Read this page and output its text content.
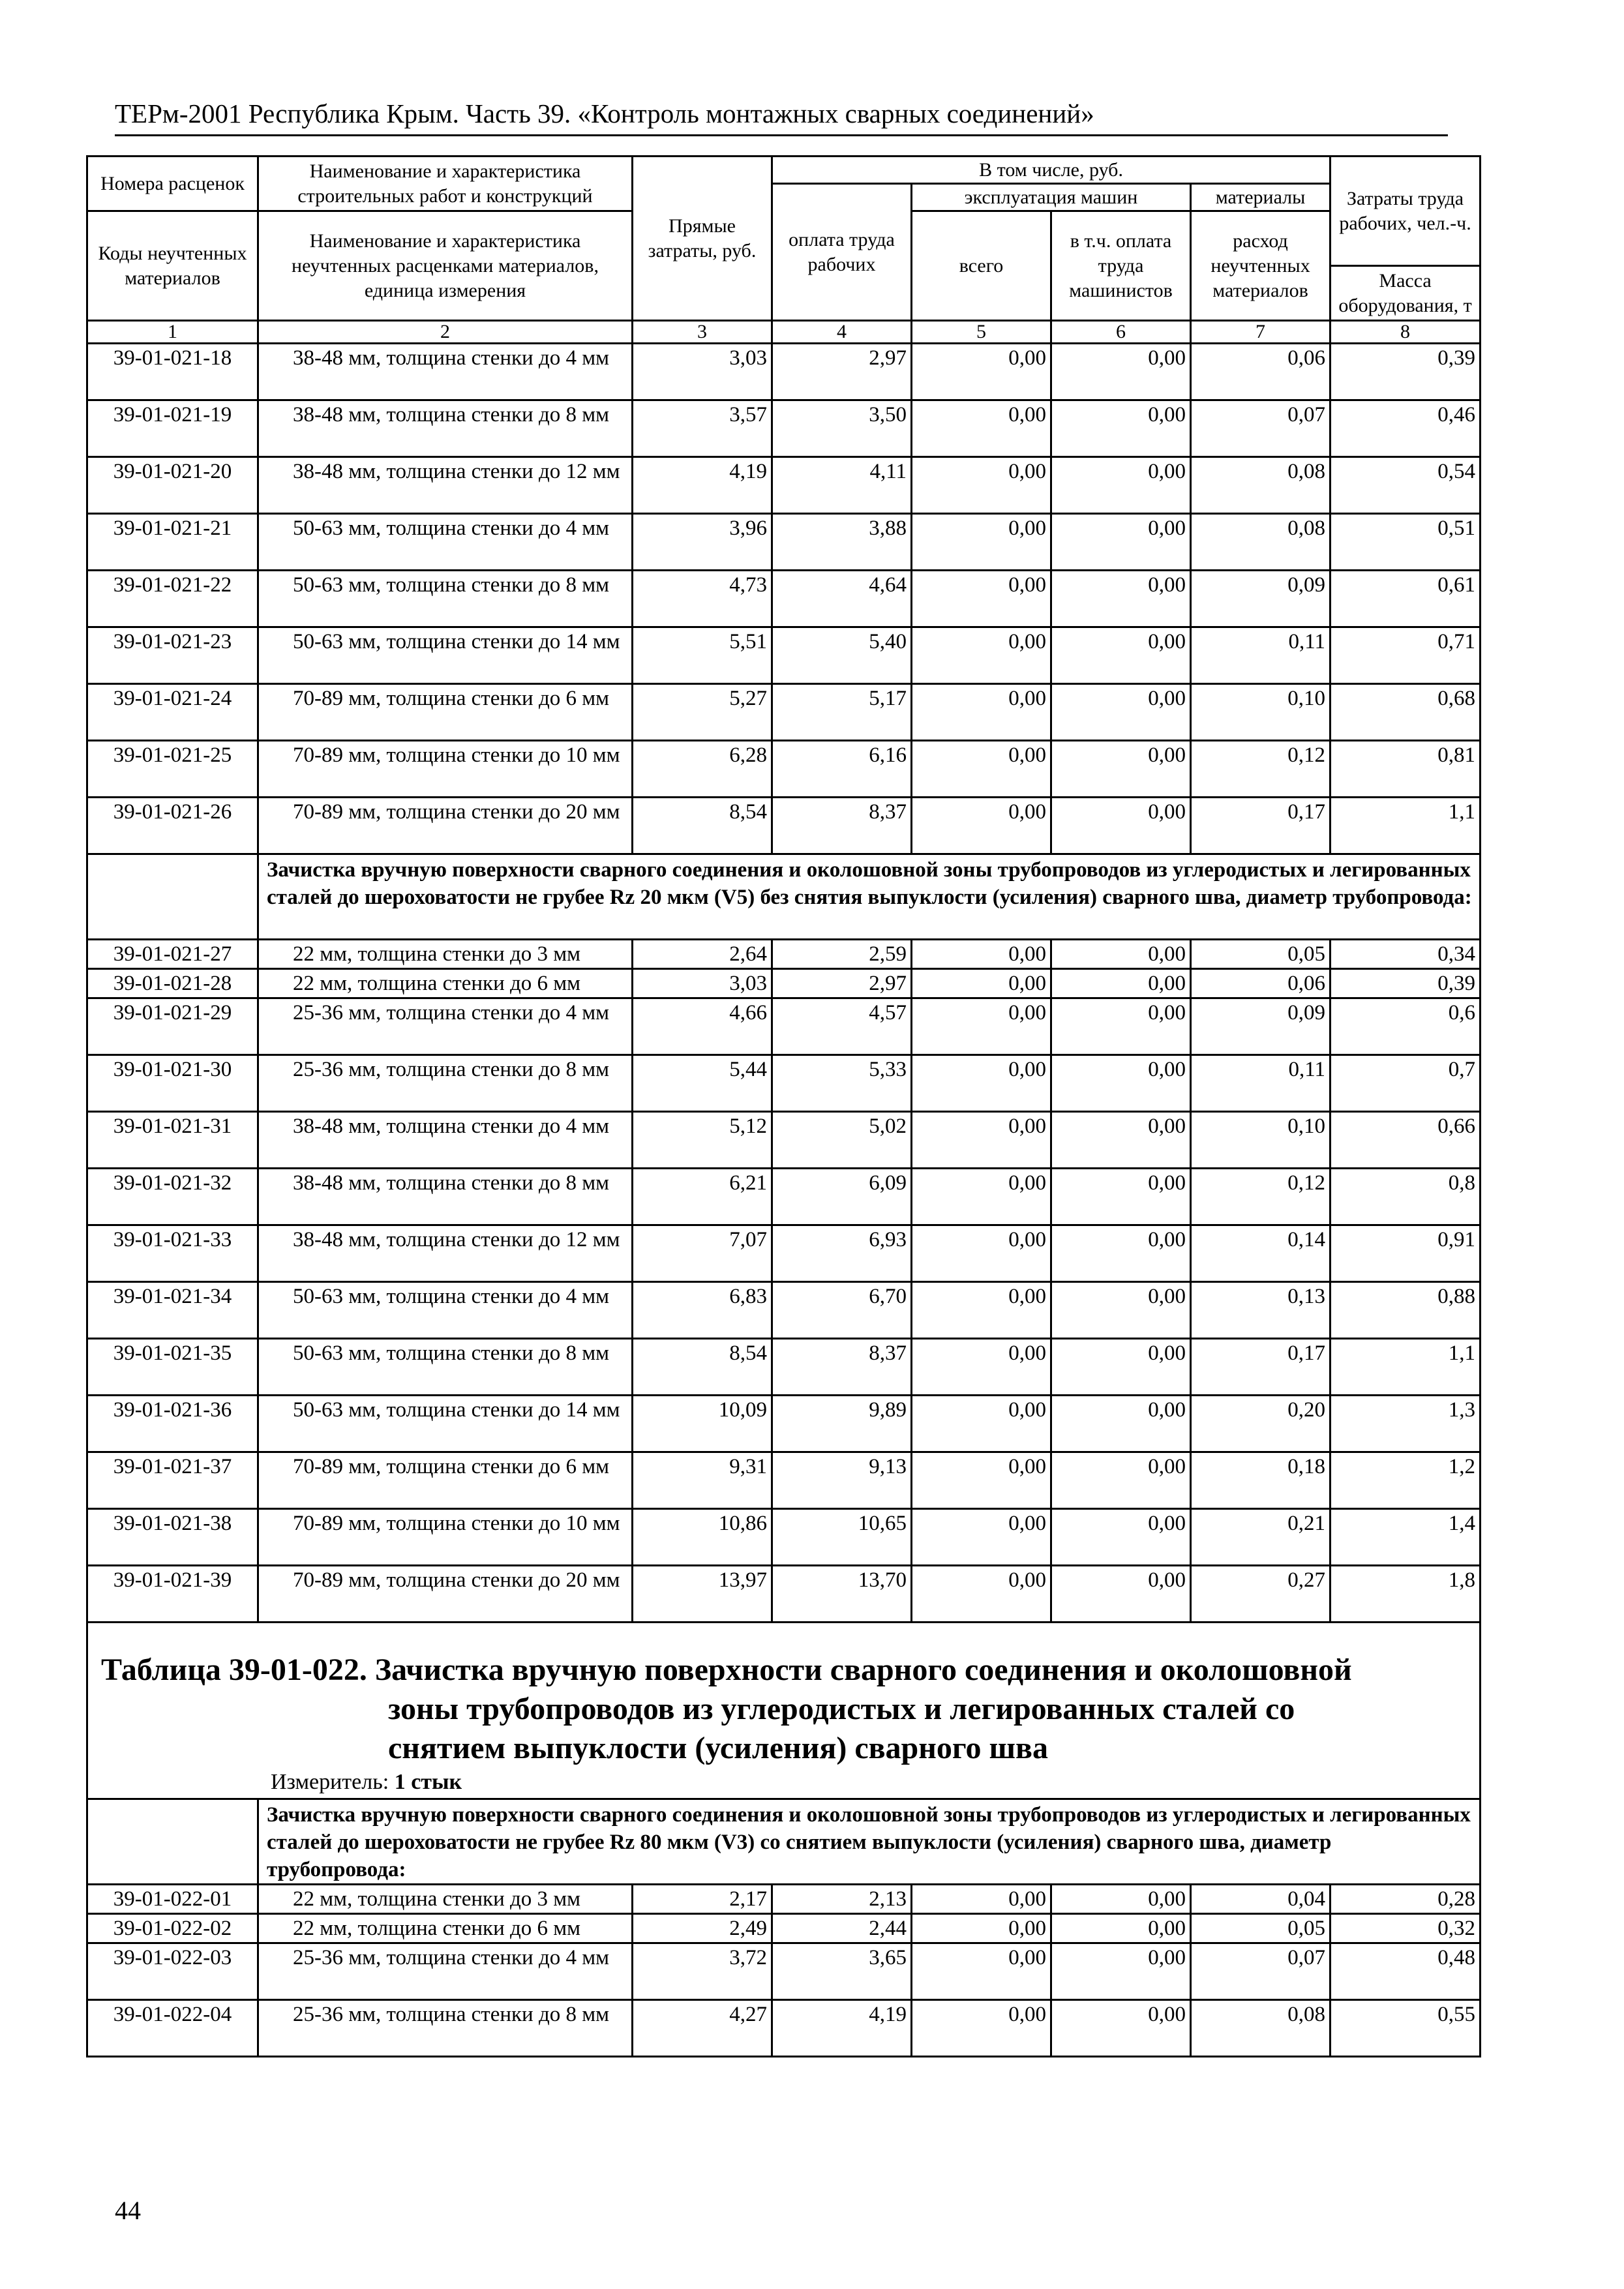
ТЕРм-2001 Республика Крым. Часть 39. «Контроль монтажных сварных соединений»
Номера расценок	Наименование и характеристика строительных работ и конструкций	Прямые затраты, руб.	В том числе, руб.				Затраты труда рабочих, чел.-ч.
			оплата труда рабочих	эксплуатация машин		материалы	
Коды неучтенных материалов	Наименование и характеристика неучтенных расценками материалов, единица измерения			всего	в т.ч. оплата труда машинистов	расход неучтенных материалов	
							Масса оборудования, т
1	2	3	4	5	6	7	8
39-01-021-18	38-48 мм, толщина стенки до 4 мм	3,03	2,97	0,00	0,00	0,06	0,39
39-01-021-19	38-48 мм, толщина стенки до 8 мм	3,57	3,50	0,00	0,00	0,07	0,46
39-01-021-20	38-48 мм, толщина стенки до 12 мм	4,19	4,11	0,00	0,00	0,08	0,54
39-01-021-21	50-63 мм, толщина стенки до 4 мм	3,96	3,88	0,00	0,00	0,08	0,51
39-01-021-22	50-63 мм, толщина стенки до 8 мм	4,73	4,64	0,00	0,00	0,09	0,61
39-01-021-23	50-63 мм, толщина стенки до 14 мм	5,51	5,40	0,00	0,00	0,11	0,71
39-01-021-24	70-89 мм, толщина стенки до 6 мм	5,27	5,17	0,00	0,00	0,10	0,68
39-01-021-25	70-89 мм, толщина стенки до 10 мм	6,28	6,16	0,00	0,00	0,12	0,81
39-01-021-26	70-89 мм, толщина стенки до 20 мм	8,54	8,37	0,00	0,00	0,17	1,1
	Зачистка вручную поверхности сварного соединения и околошовной зоны трубопроводов из углеродистых и легированных сталей до шероховатости не грубее Rz 20 мкм (V5) без снятия выпуклости (усиления) сварного шва, диаметр трубопровода:						
39-01-021-27	22 мм, толщина стенки до 3 мм	2,64	2,59	0,00	0,00	0,05	0,34
39-01-021-28	22 мм, толщина стенки до 6 мм	3,03	2,97	0,00	0,00	0,06	0,39
39-01-021-29	25-36 мм, толщина стенки до 4 мм	4,66	4,57	0,00	0,00	0,09	0,6
39-01-021-30	25-36 мм, толщина стенки до 8 мм	5,44	5,33	0,00	0,00	0,11	0,7
39-01-021-31	38-48 мм, толщина стенки до 4 мм	5,12	5,02	0,00	0,00	0,10	0,66
39-01-021-32	38-48 мм, толщина стенки до 8 мм	6,21	6,09	0,00	0,00	0,12	0,8
39-01-021-33	38-48 мм, толщина стенки до 12 мм	7,07	6,93	0,00	0,00	0,14	0,91
39-01-021-34	50-63 мм, толщина стенки до 4 мм	6,83	6,70	0,00	0,00	0,13	0,88
39-01-021-35	50-63 мм, толщина стенки до 8 мм	8,54	8,37	0,00	0,00	0,17	1,1
39-01-021-36	50-63 мм, толщина стенки до 14 мм	10,09	9,89	0,00	0,00	0,20	1,3
39-01-021-37	70-89 мм, толщина стенки до 6 мм	9,31	9,13	0,00	0,00	0,18	1,2
39-01-021-38	70-89 мм, толщина стенки до 10 мм	10,86	10,65	0,00	0,00	0,21	1,4
39-01-021-39	70-89 мм, толщина стенки до 20 мм	13,97	13,70	0,00	0,00	0,27	1,8

Таблица 39-01-022. Зачистка вручную поверхности сварного соединения и околошовной
зоны трубопроводов из углеродистых и легированных сталей со
снятием выпуклости (усиления) сварного шва
Измеритель: 1 стык							

	Зачистка вручную поверхности сварного соединения и околошовной зоны трубопроводов из углеродистых и легированных сталей до шероховатости не грубее Rz 80 мкм (V3) со снятием выпуклости (усиления) сварного шва, диаметр трубопровода:						
39-01-022-01	22 мм, толщина стенки до 3 мм	2,17	2,13	0,00	0,00	0,04	0,28
39-01-022-02	22 мм, толщина стенки до 6 мм	2,49	2,44	0,00	0,00	0,05	0,32
39-01-022-03	25-36 мм, толщина стенки до 4 мм	3,72	3,65	0,00	0,00	0,07	0,48
39-01-022-04	25-36 мм, толщина стенки до 8 мм	4,27	4,19	0,00	0,00	0,08	0,55
44
